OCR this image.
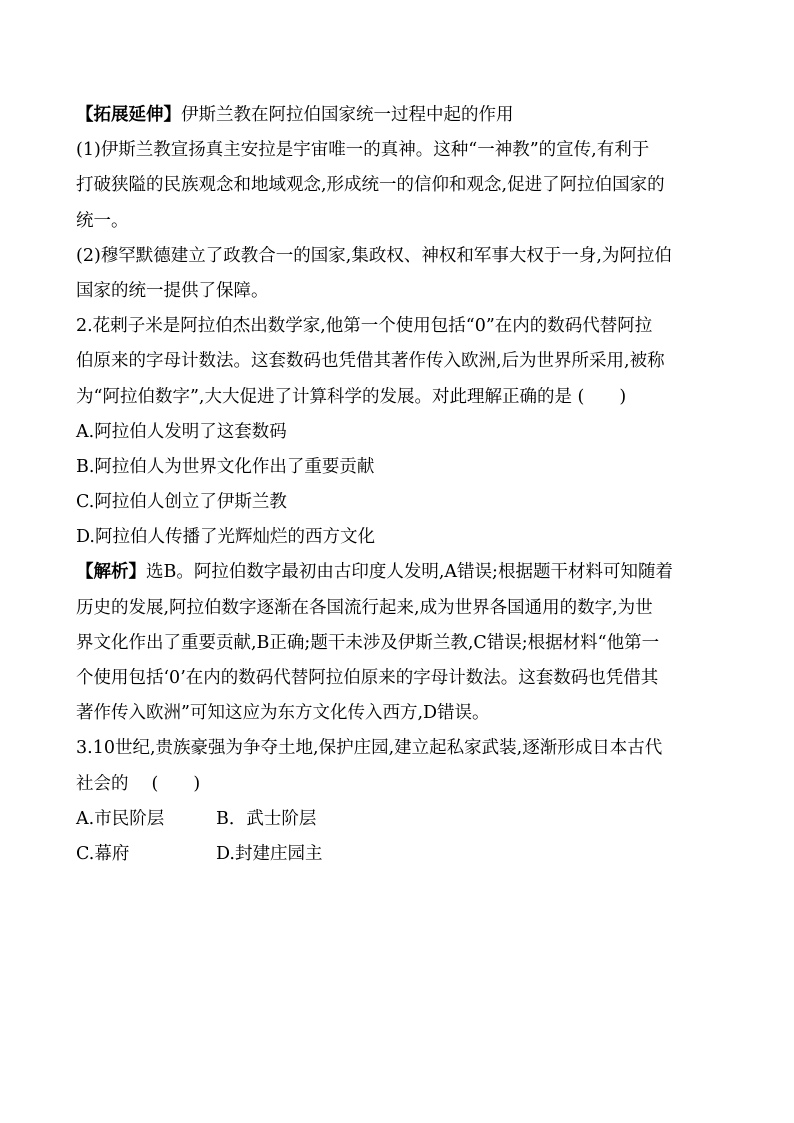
【拓展延伸】伊斯兰教在阿拉伯国家统一过程中起的作用
(1)伊斯兰教宣扬真主安拉是宇宙唯一的真神。这种“一神教”的宣传,有利于
打破狭隘的民族观念和地域观念,形成统一的信仰和观念,促进了阿拉伯国家的
统一。
(2)穆罕默德建立了政教合一的国家,集政权、神权和军事大权于一身,为阿拉伯
国家的统一提供了保障。
2.花剌子米是阿拉伯杰出数学家,他第一个使用包括“0”在内的数码代替阿拉
伯原来的字母计数法。这套数码也凭借其著作传入欧洲,后为世界所采用,被称
为“阿拉伯数字”,大大促进了计算科学的发展。对此理解正确的是 (　　)
A.阿拉伯人发明了这套数码
B.阿拉伯人为世界文化作出了重要贡献
C.阿拉伯人创立了伊斯兰教
D.阿拉伯人传播了光辉灿烂的西方文化
【解析】选B。阿拉伯数字最初由古印度人发明,A错误;根据题干材料可知随着
历史的发展,阿拉伯数字逐渐在各国流行起来,成为世界各国通用的数字,为世
界文化作出了重要贡献,B正确;题干未涉及伊斯兰教,C错误;根据材料“他第一
个使用包括‘0’在内的数码代替阿拉伯原来的字母计数法。这套数码也凭借其
著作传入欧洲”可知这应为东方文化传入西方,D错误。
3.10世纪,贵族豪强为争夺土地,保护庄园,建立起私家武装,逐渐形成日本古代
社会的　 (　　)
A.市民阶层	B．武士阶层
C.幕府	D.封建庄园主
